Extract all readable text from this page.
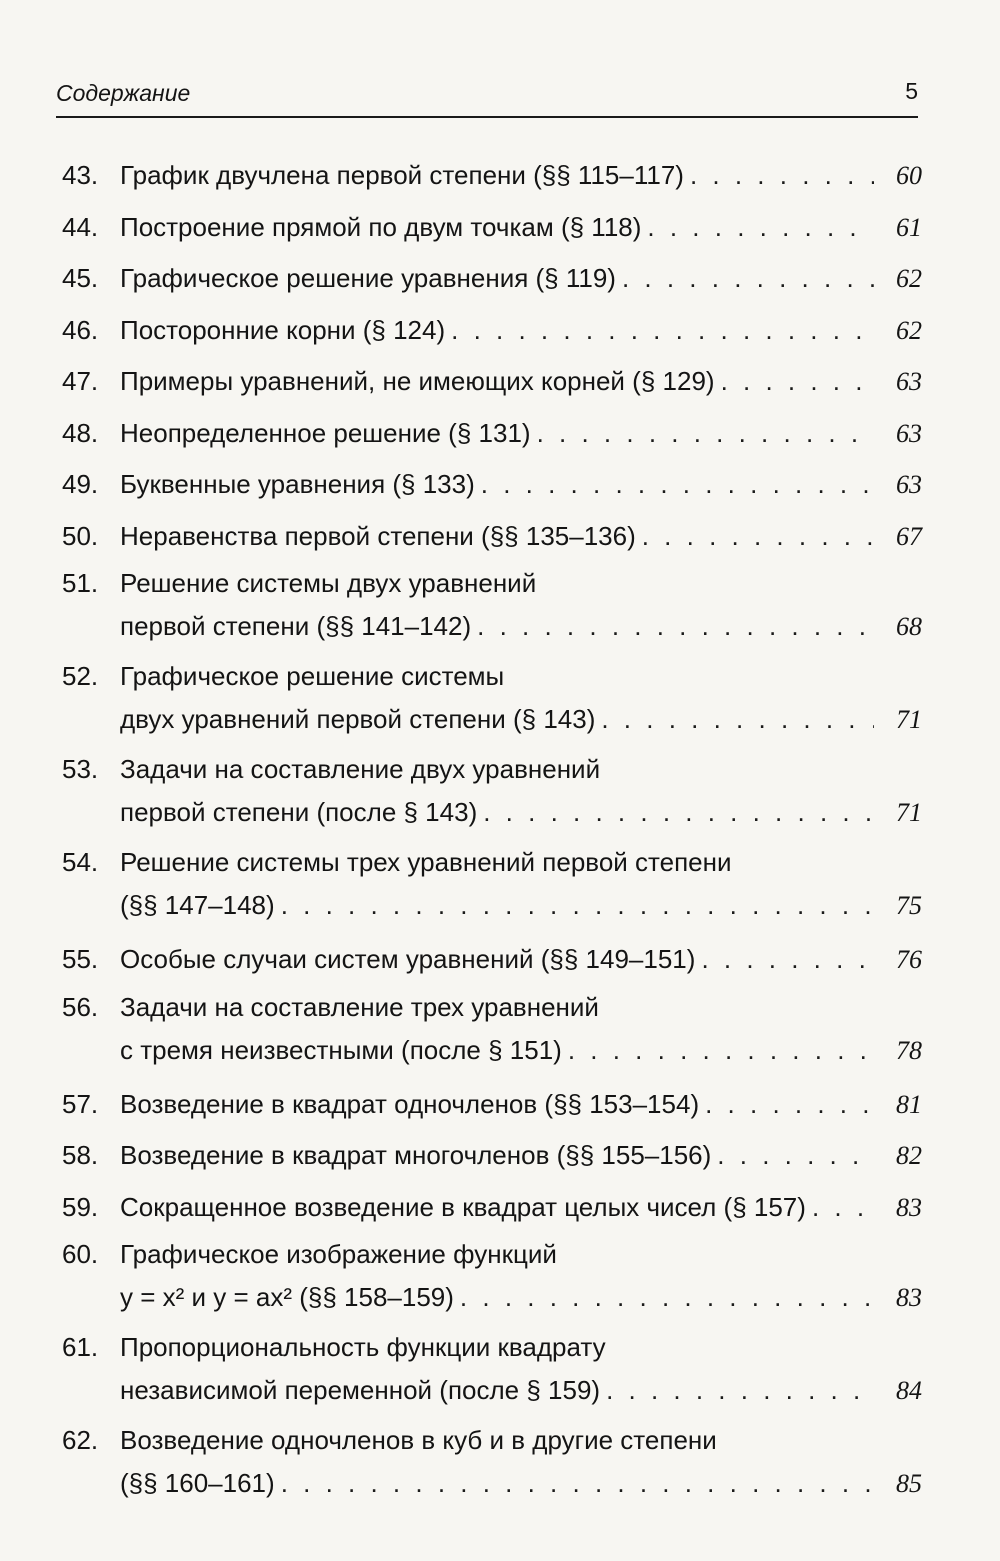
Содержание	5
43. График двучлена первой степени (§§ 115–117) . . .	60
44. Построение прямой по двум точкам (§ 118) . . .	61
45. Графическое решение уравнения (§ 119) . . .	62
46. Посторонние корни (§ 124) . . .	62
47. Примеры уравнений, не имеющих корней (§ 129) . . .	63
48. Неопределенное решение (§ 131) . . .	63
49. Буквенные уравнения (§ 133) . . .	63
50. Неравенства первой степени (§§ 135–136) . . .	67
51. Решение системы двух уравнений
первой степени (§§ 141–142) . . .	68
52. Графическое решение системы
двух уравнений первой степени (§ 143) . . .	71
53. Задачи на составление двух уравнений
первой степени (после § 143) . . .	71
54. Решение системы трех уравнений первой степени
(§§ 147–148) . . .	75
55. Особые случаи систем уравнений (§§ 149–151) . . .	76
56. Задачи на составление трех уравнений
с тремя неизвестными (после § 151) . . .	78
57. Возведение в квадрат одночленов (§§ 153–154) . . .	81
58. Возведение в квадрат многочленов (§§ 155–156) . . .	82
59. Сокращенное возведение в квадрат целых чисел (§ 157) . . .	83
60. Графическое изображение функций
y = x² и y = ax² (§§ 158–159) . . .	83
61. Пропорциональность функции квадрату
независимой переменной (после § 159) . . .	84
62. Возведение одночленов в куб и в другие степени
(§§ 160–161) . . .	85
